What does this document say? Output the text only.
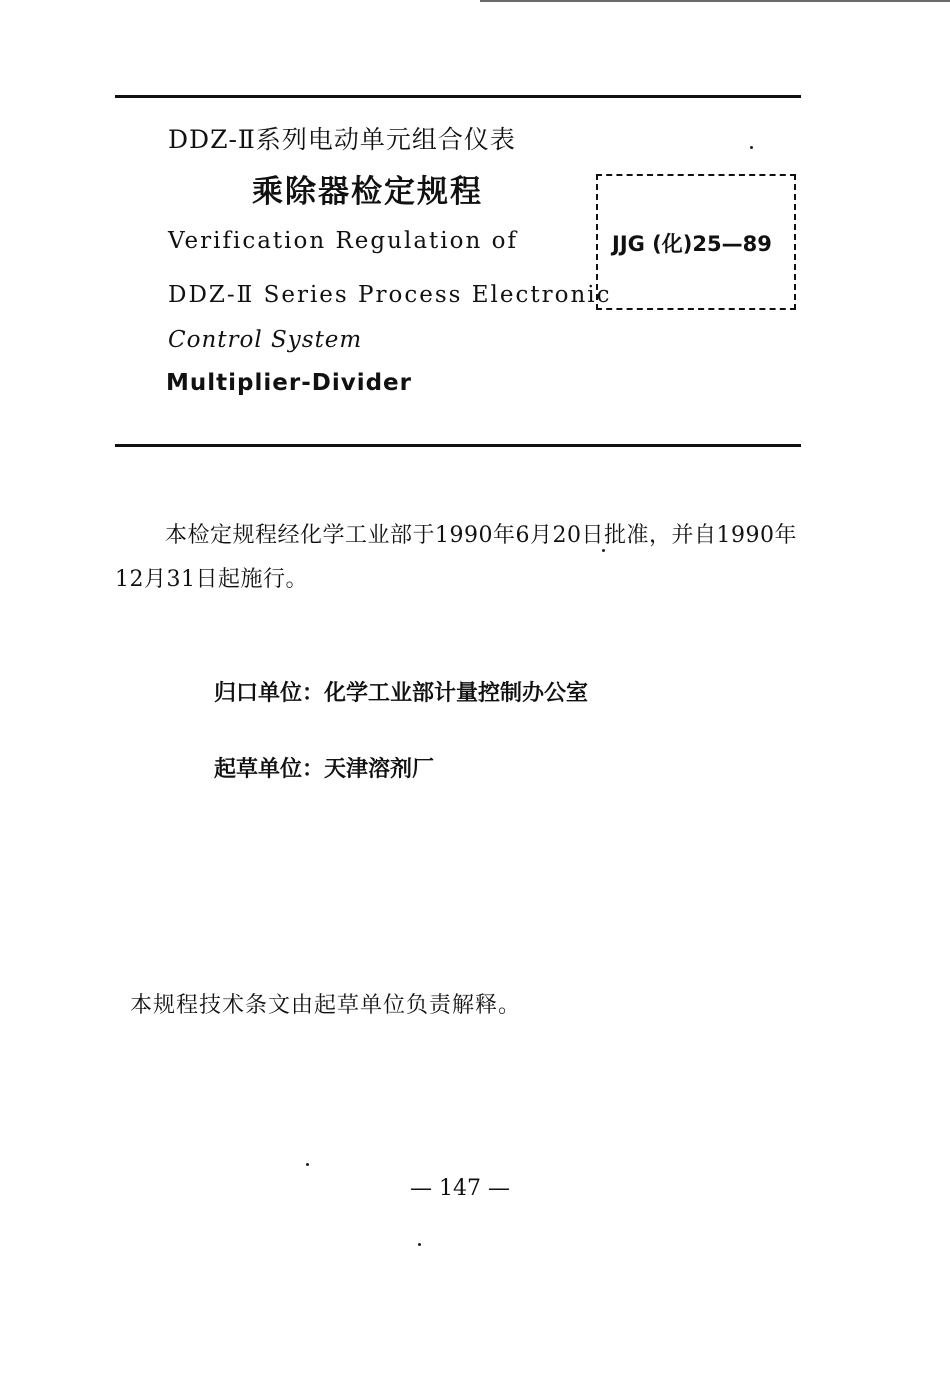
DDZ-Ⅱ系列电动单元组合仪表
乘除器检定规程
Verification Regulation of
DDZ-Ⅱ Series Process Electronic
Control System
Multiplier-Divider
JJG (化)25—89
本检定规程经化学工业部于1990年6月20日批准，并自1990年12月31日起施行。
归口单位：化学工业部计量控制办公室
起草单位：天津溶剂厂
本规程技术条文由起草单位负责解释。
— 147 —
